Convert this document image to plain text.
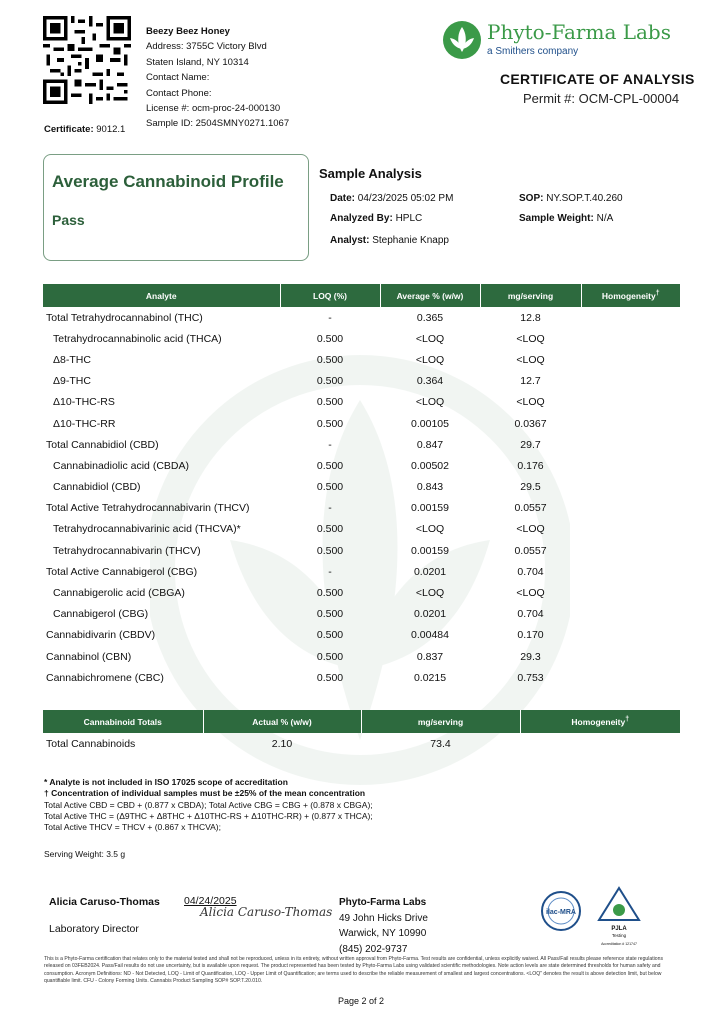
Beezy Beez Honey
Address: 3755C Victory Blvd
Staten Island, NY 10314
Contact Name:
Contact Phone:
License #: ocm-proc-24-000130
Sample ID: 2504SMNY0271.1067
Certificate: 9012.1
Phyto-Farma Labs
a Smithers company
CERTIFICATE OF ANALYSIS
Permit #: OCM-CPL-00004
Average Cannabinoid Profile
Pass
Sample Analysis
Date: 04/23/2025 05:02 PM
Analyzed By: HPLC
Analyst: Stephanie Knapp
SOP: NY.SOP.T.40.260
Sample Weight: N/A
Analyte	LOQ (%)	Average % (w/w)	mg/serving	Homogeneity†
Total Tetrahydrocannabinol (THC)	-	0.365	12.8	
Tetrahydrocannabinolic acid (THCA)	0.500	<LOQ	<LOQ	
Δ8-THC	0.500	<LOQ	<LOQ	
Δ9-THC	0.500	0.364	12.7	
Δ10-THC-RS	0.500	<LOQ	<LOQ	
Δ10-THC-RR	0.500	0.00105	0.0367	
Total Cannabidiol (CBD)	-	0.847	29.7	
Cannabinadiolic acid (CBDA)	0.500	0.00502	0.176	
Cannabidiol (CBD)	0.500	0.843	29.5	
Total Active Tetrahydrocannabivarin (THCV)	-	0.00159	0.0557	
Tetrahydrocannabivarinic acid (THCVA)*	0.500	<LOQ	<LOQ	
Tetrahydrocannabivarin (THCV)	0.500	0.00159	0.0557	
Total Active Cannabigerol (CBG)	-	0.0201	0.704	
Cannabigerolic acid (CBGA)	0.500	<LOQ	<LOQ	
Cannabigerol (CBG)	0.500	0.0201	0.704	
Cannabidivarin (CBDV)	0.500	0.00484	0.170	
Cannabinol (CBN)	0.500	0.837	29.3	
Cannabichromene (CBC)	0.500	0.0215	0.753	
Cannabinoid Totals	Actual % (w/w)	mg/serving	Homogeneity†
Total Cannabinoids	2.10	73.4	
* Analyte is not included in ISO 17025 scope of accreditation
† Concentration of individual samples must be ±25% of the mean concentration
Total Active CBD = CBD + (0.877 x CBDA); Total Active CBG = CBG + (0.878 x CBGA);
Total Active THC = (Δ9THC + Δ8THC + Δ10THC-RS + Δ10THC-RR) + (0.877 x THCA);
Total Active THCV = THCV + (0.867 x THCVA);
Serving Weight: 3.5 g
Alicia Caruso-Thomas
Laboratory Director
04/24/2025
Alicia Caruso-Thomas
Phyto-Farma Labs
49 John Hicks Drive
Warwick, NY 10990
(845) 202-9737
ilac-MRA
PJLA
Testing
Accreditation # 121747
This is a Phyto-Farma certification that relates only to the material tested and shall not be reproduced, unless in its entirety, without written approval from Phyto-Farma. Test results are confidential, unless explicitly waived. All Pass/Fail results please reference state regulations released on 03FEB2024. Pass/Fail results do not use uncertainty, but is available upon request. The product represented has been tested by Phyto-Farma Labs using validated scientific methodologies. Note action levels are state determined thresholds for human safety and consumption. Acronym Definitions: ND - Not Detected, LOQ - Limit of Quantification, LOQ - Upper Limit of Quantification; are terms used to describe the reliable measurement of smallest and largest concentrations. <LOQ" denotes the result is above detection limit, but below quantifiable limit. CFU - Colony Forming Units. Cannabis Product Sampling SOP# SOP.T.20.010.
Page 2 of 2
